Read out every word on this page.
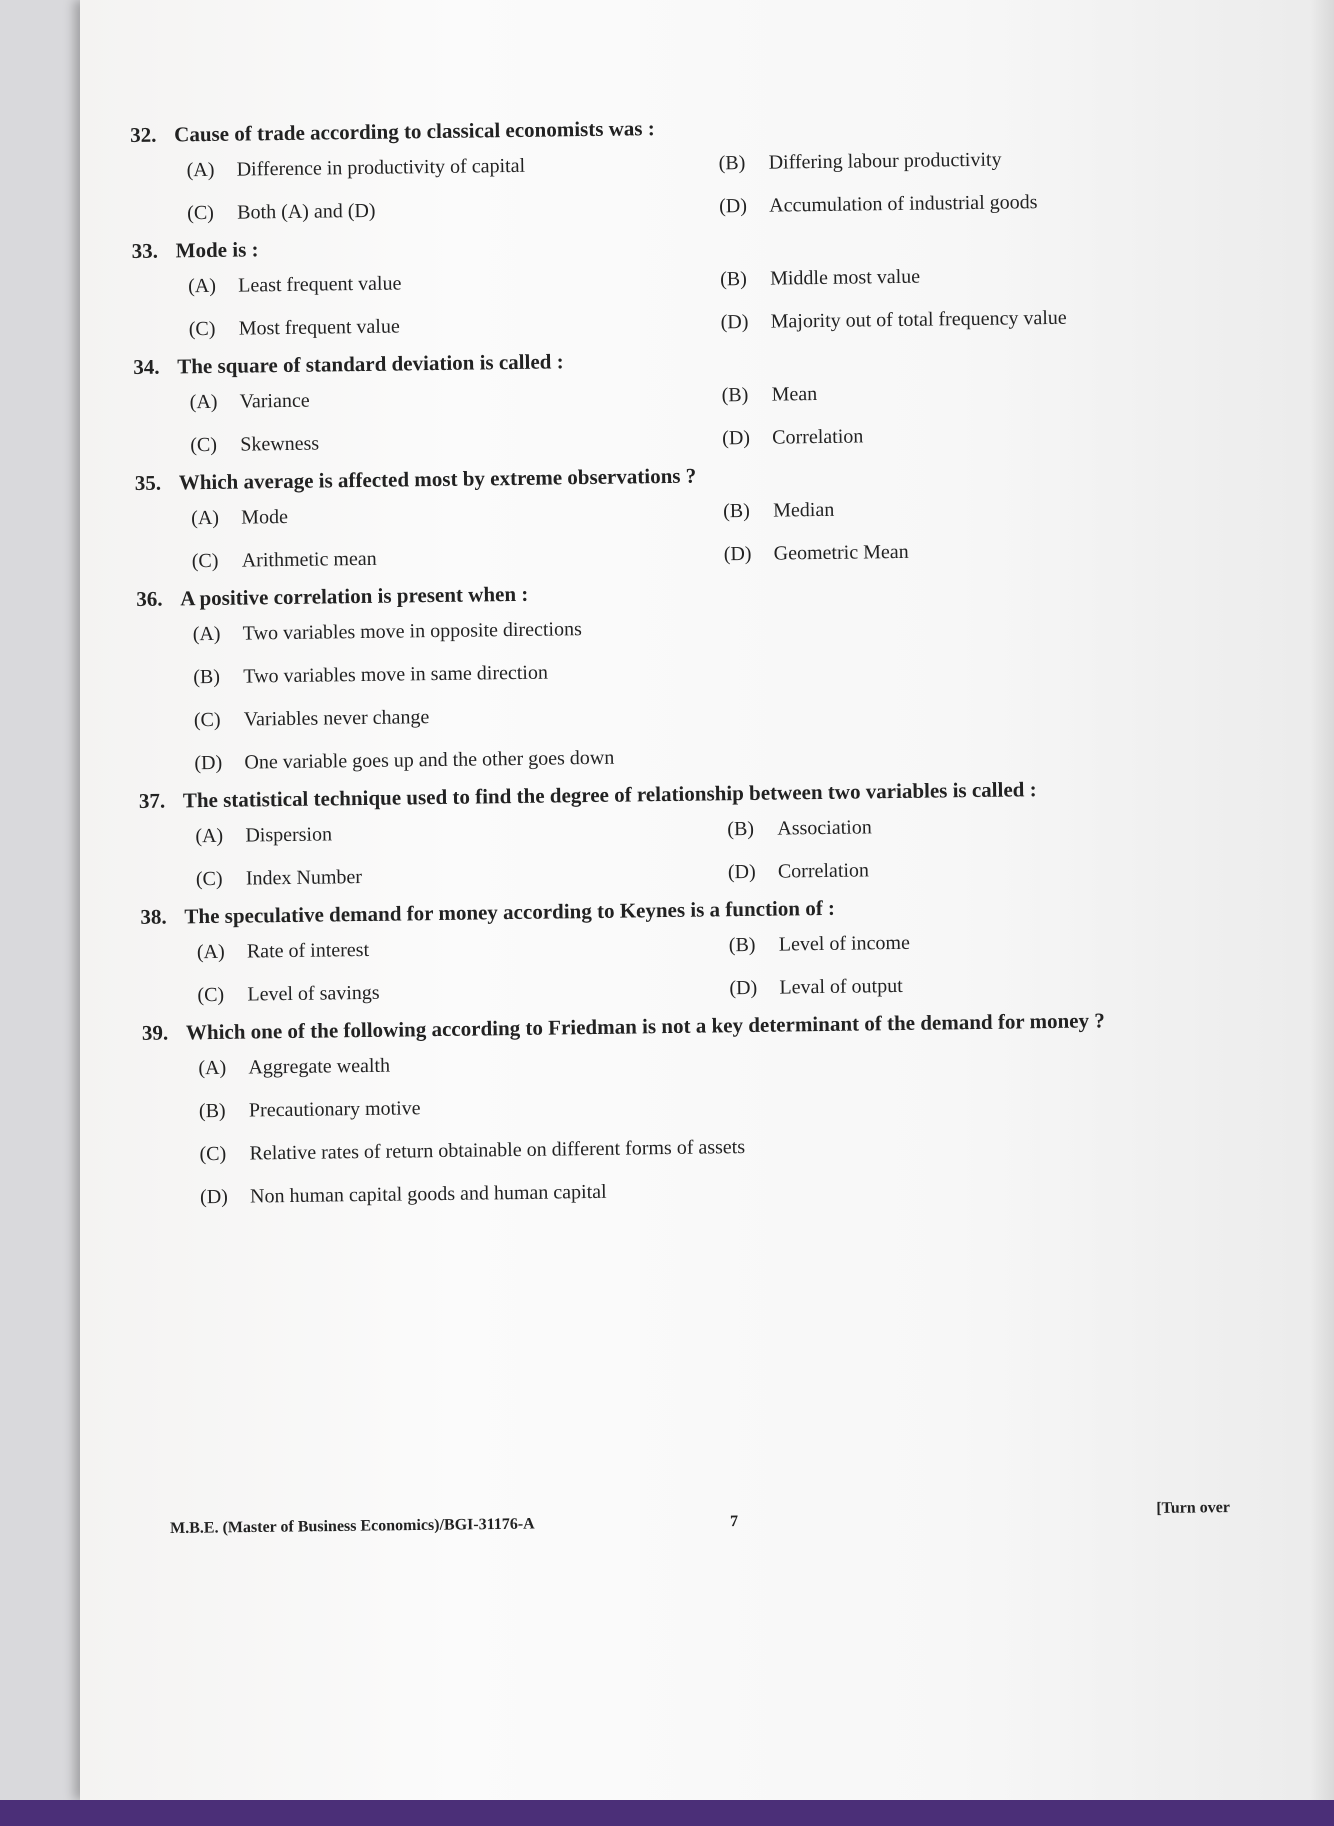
32. Cause of trade according to classical economists was :
(A) Difference in productivity of capital	(B) Differing labour productivity
(C) Both (A) and (D)	(D) Accumulation of industrial goods
33. Mode is :
(A) Least frequent value	(B) Middle most value
(C) Most frequent value	(D) Majority out of total frequency value
34. The square of standard deviation is called :
(A) Variance	(B) Mean
(C) Skewness	(D) Correlation
35. Which average is affected most by extreme observations ?
(A) Mode	(B) Median
(C) Arithmetic mean	(D) Geometric Mean
36. A positive correlation is present when :
(A) Two variables move in opposite directions
(B) Two variables move in same direction
(C) Variables never change
(D) One variable goes up and the other goes down
37. The statistical technique used to find the degree of relationship between two variables is called :
(A) Dispersion	(B) Association
(C) Index Number	(D) Correlation
38. The speculative demand for money according to Keynes is a function of :
(A) Rate of interest	(B) Level of income
(C) Level of savings	(D) Leval of output
39. Which one of the following according to Friedman is not a key determinant of the demand for money ?
(A) Aggregate wealth
(B) Precautionary motive
(C) Relative rates of return obtainable on different forms of assets
(D) Non human capital goods and human capital
M.B.E. (Master of Business Economics)/BGI-31176-A	7
[Turn over
